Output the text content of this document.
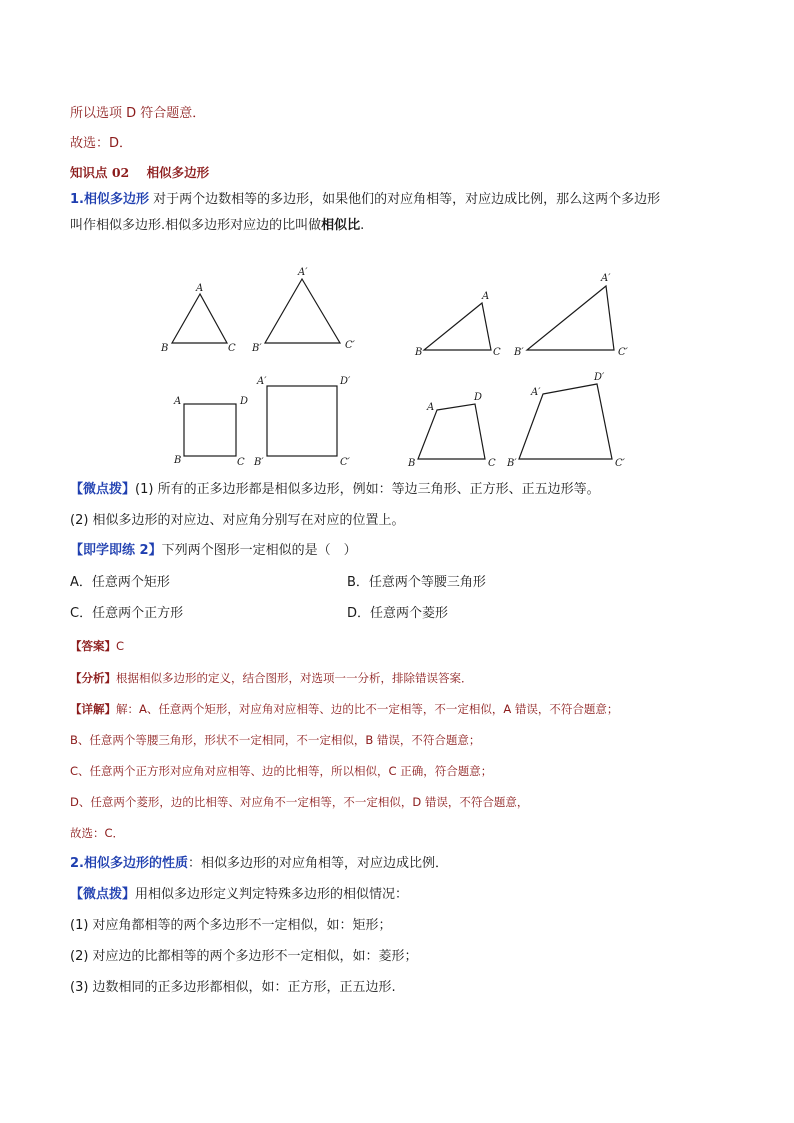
所以选项 D 符合题意．
故选：D．
知识点 02 相似多边形
1.相似多边形 对于两个边数相等的多边形，如果他们的对应角相等，对应边成比例，那么这两个多边形
叫作相似多边形.相似多边形对应边的比叫做相似比.
A
B	C
A′
B′	C′
A
B	C
A′
B′	C′
A	D
B	C
A′	D′
B′	C′
A
D
B	C
A′
D′
B′	C′
【微点拨】(1) 所有的正多边形都是相似多边形，例如：等边三角形、正方形、正五边形等。
(2) 相似多边形的对应边、对应角分别写在对应的位置上。
【即学即练 2】下列两个图形一定相似的是（　）
A．任意两个矩形	B．任意两个等腰三角形
C．任意两个正方形	D．任意两个菱形
【答案】C
【分析】根据相似多边形的定义，结合图形，对选项一一分析，排除错误答案．
【详解】解：A、任意两个矩形，对应角对应相等、边的比不一定相等，不一定相似，A 错误，不符合题意；
B、任意两个等腰三角形，形状不一定相同，不一定相似，B 错误，不符合题意；
C、任意两个正方形对应角对应相等、边的比相等，所以相似，C 正确，符合题意；
D、任意两个菱形，边的比相等、对应角不一定相等，不一定相似，D 错误，不符合题意，
故选：C．
2.相似多边形的性质：相似多边形的对应角相等，对应边成比例．
【微点拨】用相似多边形定义判定特殊多边形的相似情况：
(1) 对应角都相等的两个多边形不一定相似，如：矩形；
(2) 对应边的比都相等的两个多边形不一定相似，如：菱形；
(3) 边数相同的正多边形都相似，如：正方形，正五边形.
